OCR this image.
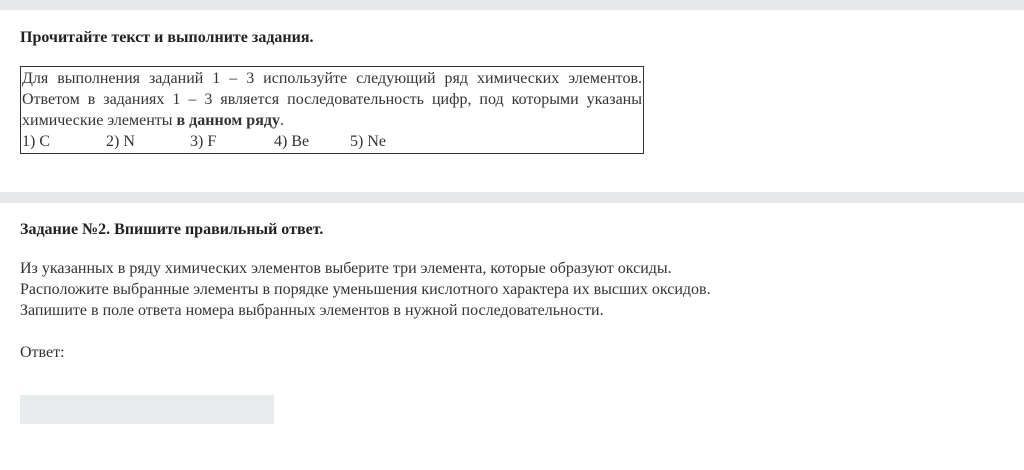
Прочитайте текст и выполните задания.

Для выполнения заданий 1 – 3 используйте следующий ряд химических элементов. Ответом в заданиях 1 – 3 является последовательность цифр, под которыми указаны химические элементы в данном ряду.

1) C	2) N	3) F	4) Be	5) Ne

Задание №2. Впишите правильный ответ.

Из указанных в ряду химических элементов выберите три элемента, которые образуют оксиды.
Расположите выбранные элементы в порядке уменьшения кислотного характера их высших оксидов.
Запишите в поле ответа номера выбранных элементов в нужной последовательности.
Ответ:
